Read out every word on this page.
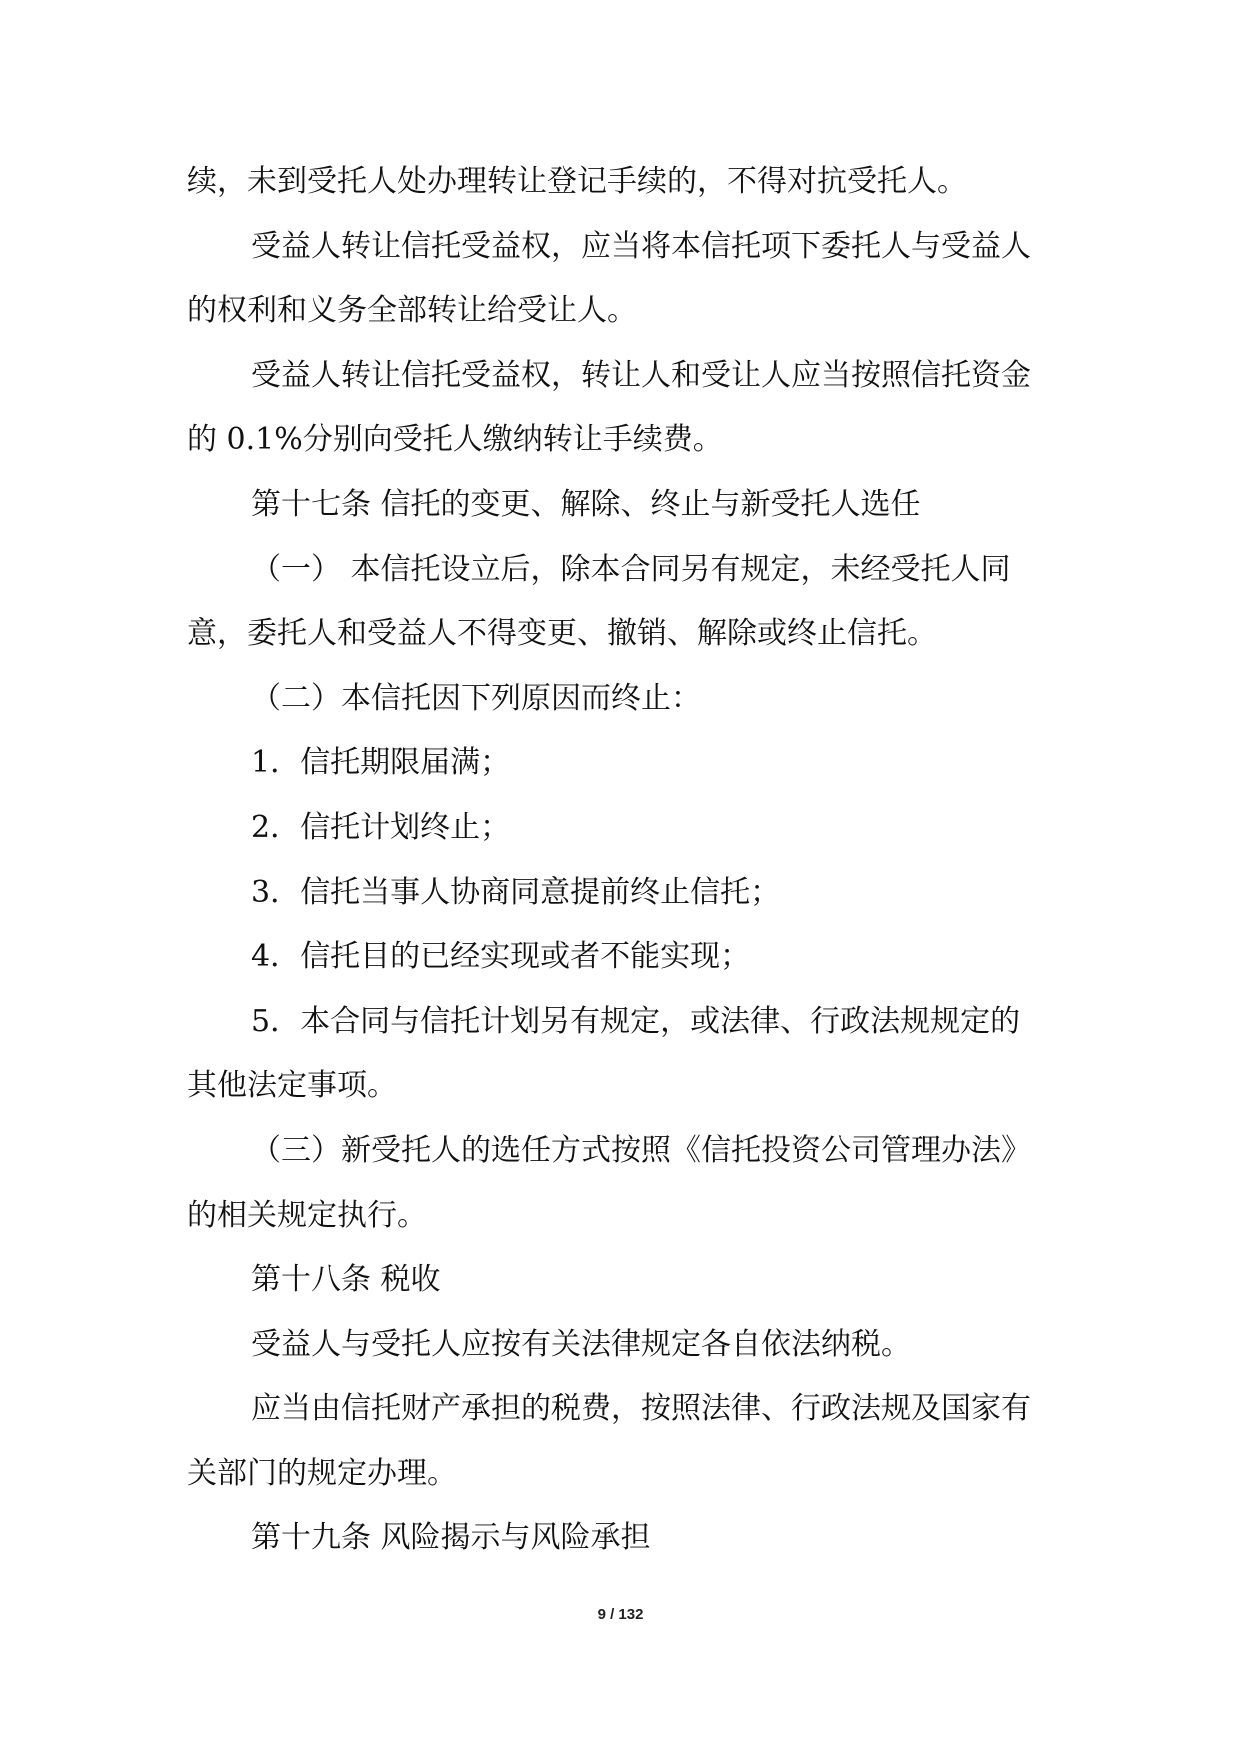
续，未到受托人处办理转让登记手续的，不得对抗受托人。

受益人转让信托受益权，应当将本信托项下委托人与受益人

的权利和义务全部转让给受让人。

受益人转让信托受益权，转让人和受让人应当按照信托资金

的 0.1%分别向受托人缴纳转让手续费。

第十七条 信托的变更、解除、终止与新受托人选任

（一） 本信托设立后，除本合同另有规定，未经受托人同

意，委托人和受益人不得变更、撤销、解除或终止信托。

（二）本信托因下列原因而终止：

1．信托期限届满；

2．信托计划终止；

3．信托当事人协商同意提前终止信托；

4．信托目的已经实现或者不能实现；

5．本合同与信托计划另有规定，或法律、行政法规规定的

其他法定事项。

（三）新受托人的选任方式按照《信托投资公司管理办法》

的相关规定执行。

第十八条 税收

受益人与受托人应按有关法律规定各自依法纳税。

应当由信托财产承担的税费，按照法律、行政法规及国家有

关部门的规定办理。

第十九条 风险揭示与风险承担

9 / 132
